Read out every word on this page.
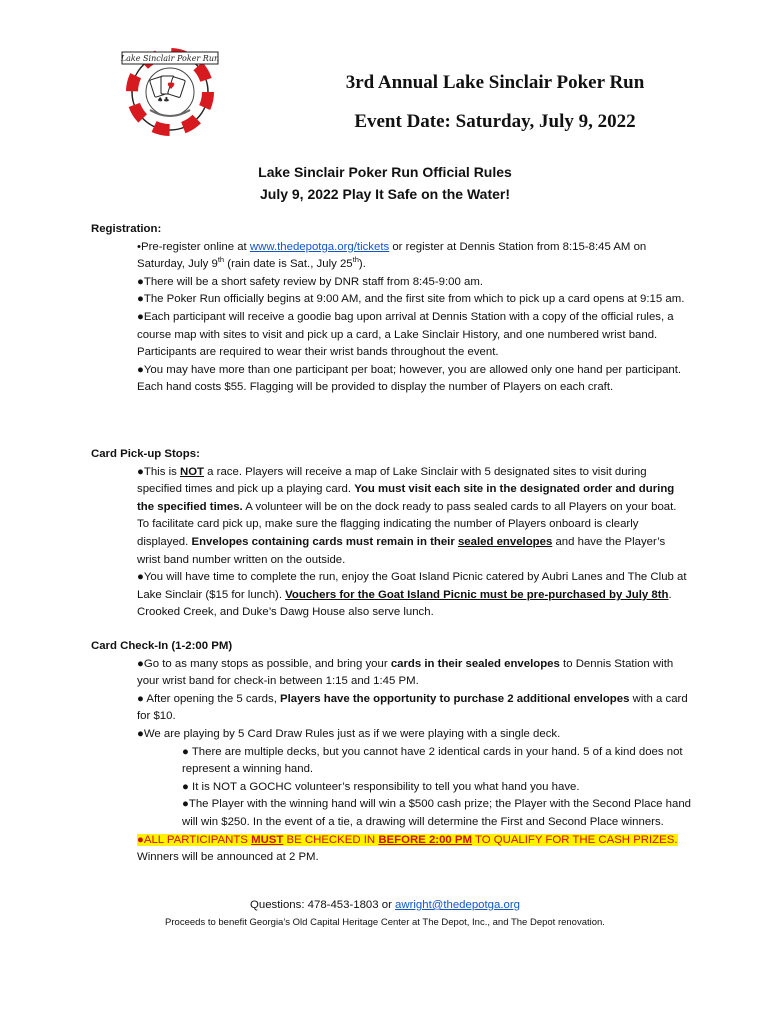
♥
♠♣
Lake Sinclair Poker Run

3rd Annual Lake Sinclair Poker Run

Event Date: Saturday, July 9, 2022

Lake Sinclair Poker Run Official Rules

July 9, 2022 Play It Safe on the Water!

Registration:

•Pre-register online at www.thedepotga.org/tickets or register at Dennis Station from 8:15-8:45 AM on Saturday, July 9th (rain date is Sat., July 25th).

●There will be a short safety review by DNR staff from 8:45-9:00 am.

●The Poker Run officially begins at 9:00 AM, and the first site from which to pick up a card opens at 9:15 am.

●Each participant will receive a goodie bag upon arrival at Dennis Station with a copy of the official rules, a course map with sites to visit and pick up a card, a Lake Sinclair History, and one numbered wrist band. Participants are required to wear their wrist bands throughout the event.

●You may have more than one participant per boat; however, you are allowed only one hand per participant. Each hand costs $55. Flagging will be provided to display the number of Players on each craft.

Card Pick-up Stops:

●This is NOT a race. Players will receive a map of Lake Sinclair with 5 designated sites to visit during specified times and pick up a playing card. You must visit each site in the designated order and during the specified times. A volunteer will be on the dock ready to pass sealed cards to all Players on your boat. To facilitate card pick up, make sure the flagging indicating the number of Players onboard is clearly displayed. Envelopes containing cards must remain in their sealed envelopes and have the Player’s wrist band number written on the outside.

●You will have time to complete the run, enjoy the Goat Island Picnic catered by Aubri Lanes and The Club at Lake Sinclair ($15 for lunch). Vouchers for the Goat Island Picnic must be pre-purchased by July 8th. Crooked Creek, and Duke’s Dawg House also serve lunch.

Card Check-In (1-2:00 PM)

●Go to as many stops as possible, and bring your cards in their sealed envelopes to Dennis Station with your wrist band for check-in between 1:15 and 1:45 PM.

● After opening the 5 cards, Players have the opportunity to purchase 2 additional envelopes with a card for $10.

●We are playing by 5 Card Draw Rules just as if we were playing with a single deck.

● There are multiple decks, but you cannot have 2 identical cards in your hand. 5 of a kind does not represent a winning hand.

● It is NOT a GOCHC volunteer’s responsibility to tell you what hand you have.

●The Player with the winning hand will win a $500 cash prize; the Player with the Second Place hand will win $250. In the event of a tie, a drawing will determine the First and Second Place winners.

●ALL PARTICIPANTS MUST BE CHECKED IN BEFORE 2:00 PM TO QUALIFY FOR THE CASH PRIZES.

Winners will be announced at 2 PM.

Questions: 478-453-1803 or awright@thedepotga.org

Proceeds to benefit Georgia’s Old Capital Heritage Center at The Depot, Inc., and The Depot renovation.
